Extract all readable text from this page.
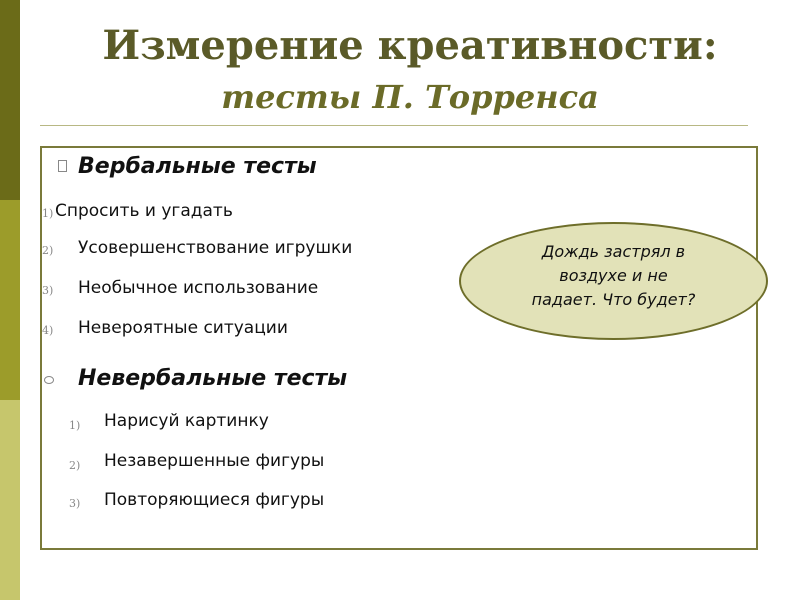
Измерение креативности:
тесты П. Торренса
Вербальные тесты
1) Спросить и угадать
2) Усовершенствование игрушки
3) Необычное использование
4) Невероятные ситуации
Невербальные тесты
1) Нарисуй картинку
2) Незавершенные фигуры
3) Повторяющиеся фигуры
Дождь застрял в
воздухе и не
падает. Что будет?
